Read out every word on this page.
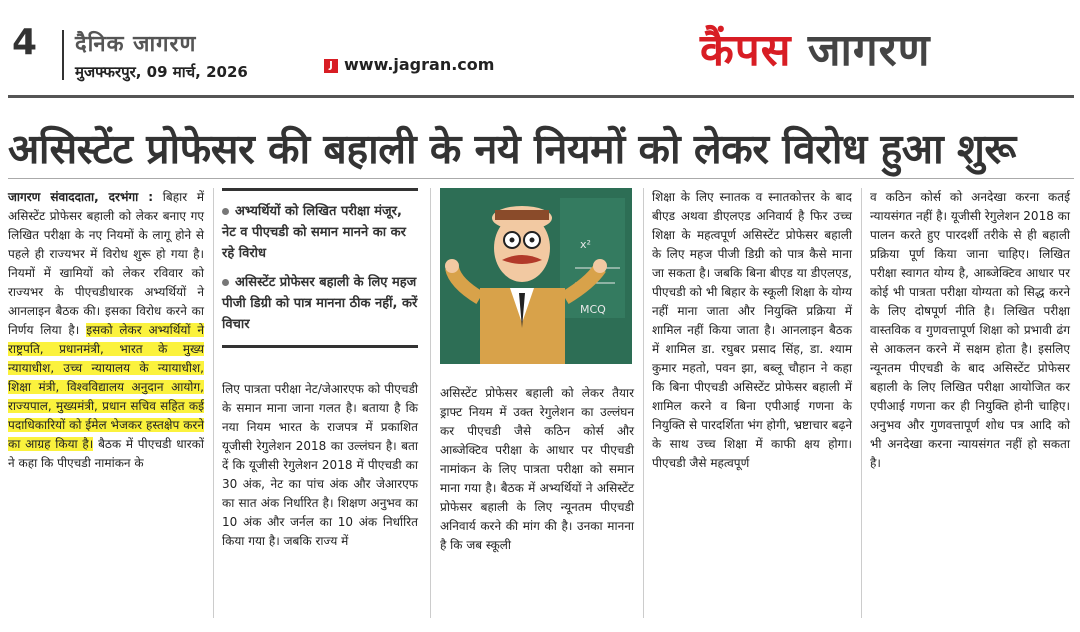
4	दैनिक जागरण
मुजफ्फरपुर, 09 मार्च, 2026	J www.jagran.com	कैंपस जागरण
असिस्टेंट प्रोफेसर की बहाली के नये नियमों को लेकर विरोध हुआ शुरू

जागरण संवाददाता, दरभंगा : बिहार में असिस्टेंट प्रोफेसर बहाली को लेकर बनाए गए लिखित परीक्षा के नए नियमों के लागू होने से पहले ही राज्यभर में विरोध शुरू हो गया है। नियमों में खामियों को लेकर रविवार को राज्यभर के पीएचडीधारक अभ्यर्थियों ने आनलाइन बैठक की। इसका विरोध करने का निर्णय लिया है। इसको लेकर अभ्यर्थियों ने राष्ट्रपति, प्रधानमंत्री, भारत के मुख्य न्यायाधीश, उच्च न्यायालय के न्यायाधीश, शिक्षा मंत्री, विश्वविद्यालय अनुदान आयोग, राज्यपाल, मुख्यमंत्री, प्रधान सचिव सहित कई पदाधिकारियों को ईमेल भेजकर हस्तक्षेप करने का आग्रह किया है। बैठक में पीएचडी धारकों ने कहा कि पीएचडी नामांकन के

अभ्यर्थियों को लिखित परीक्षा मंजूर, नेट व पीएचडी को समान मानने का कर रहे विरोध
असिस्टेंट प्रोफेसर बहाली के लिए महज पीजी डिग्री को पात्र मानना ठीक नहीं, करें विचार

लिए पात्रता परीक्षा नेट/जेआरएफ को पीएचडी के समान माना जाना गलत है। बताया है कि नया नियम भारत के राजपत्र में प्रकाशित यूजीसी रेगुलेशन 2018 का उल्लंघन है। बता दें कि यूजीसी रेगुलेशन 2018 में पीएचडी का 30 अंक, नेट का पांच अंक और जेआरएफ का सात अंक निर्धारित है। शिक्षण अनुभव का 10 अंक और जर्नल का 10 अंक निर्धारित किया गया है। जबकि राज्य में

x²
MCQ

असिस्टेंट प्रोफेसर बहाली को लेकर तैयार ड्राफ्ट नियम में उक्त रेगुलेशन का उल्लंघन कर पीएचडी जैसे कठिन कोर्स और आब्जेक्टिव परीक्षा के आधार पर पीएचडी नामांकन के लिए पात्रता परीक्षा को समान माना गया है। बैठक में अभ्यर्थियों ने असिस्टेंट प्रोफेसर बहाली के लिए न्यूनतम पीएचडी अनिवार्य करने की मांग की है। उनका मानना है कि जब स्कूली

शिक्षा के लिए स्नातक व स्नातकोत्तर के बाद बीएड अथवा डीएलएड अनिवार्य है फिर उच्च शिक्षा के महत्वपूर्ण असिस्टेंट प्रोफेसर बहाली के लिए महज पीजी डिग्री को पात्र कैसे माना जा सकता है। जबकि बिना बीएड या डीएलएड, पीएचडी को भी बिहार के स्कूली शिक्षा के योग्य नहीं माना जाता और नियुक्ति प्रक्रिया में शामिल नहीं किया जाता है। आनलाइन बैठक में शामिल डा. रघुबर प्रसाद सिंह, डा. श्याम कुमार महतो, पवन झा, बब्लू चौहान ने कहा कि बिना पीएचडी असिस्टेंट प्रोफेसर बहाली में शामिल करने व बिना एपीआई गणना के नियुक्ति से पारदर्शिता भंग होगी, भ्रष्टाचार बढ़ने के साथ उच्च शिक्षा में काफी क्षय होगा। पीएचडी जैसे महत्वपूर्ण

व कठिन कोर्स को अनदेखा करना कतई न्यायसंगत नहीं है। यूजीसी रेगुलेशन 2018 का पालन करते हुए पारदर्शी तरीके से ही बहाली प्रक्रिया पूर्ण किया जाना चाहिए। लिखित परीक्षा स्वागत योग्य है, आब्जेक्टिव आधार पर कोई भी पात्रता परीक्षा योग्यता को सिद्ध करने के लिए दोषपूर्ण नीति है। लिखित परीक्षा वास्तविक व गुणवत्तापूर्ण शिक्षा को प्रभावी ढंग से आकलन करने में सक्षम होता है। इसलिए न्यूनतम पीएचडी के बाद असिस्टेंट प्रोफेसर बहाली के लिए लिखित परीक्षा आयोजित कर एपीआई गणना कर ही नियुक्ति होनी चाहिए। अनुभव और गुणवत्तापूर्ण शोध पत्र आदि को भी अनदेखा करना न्यायसंगत नहीं हो सकता है।
